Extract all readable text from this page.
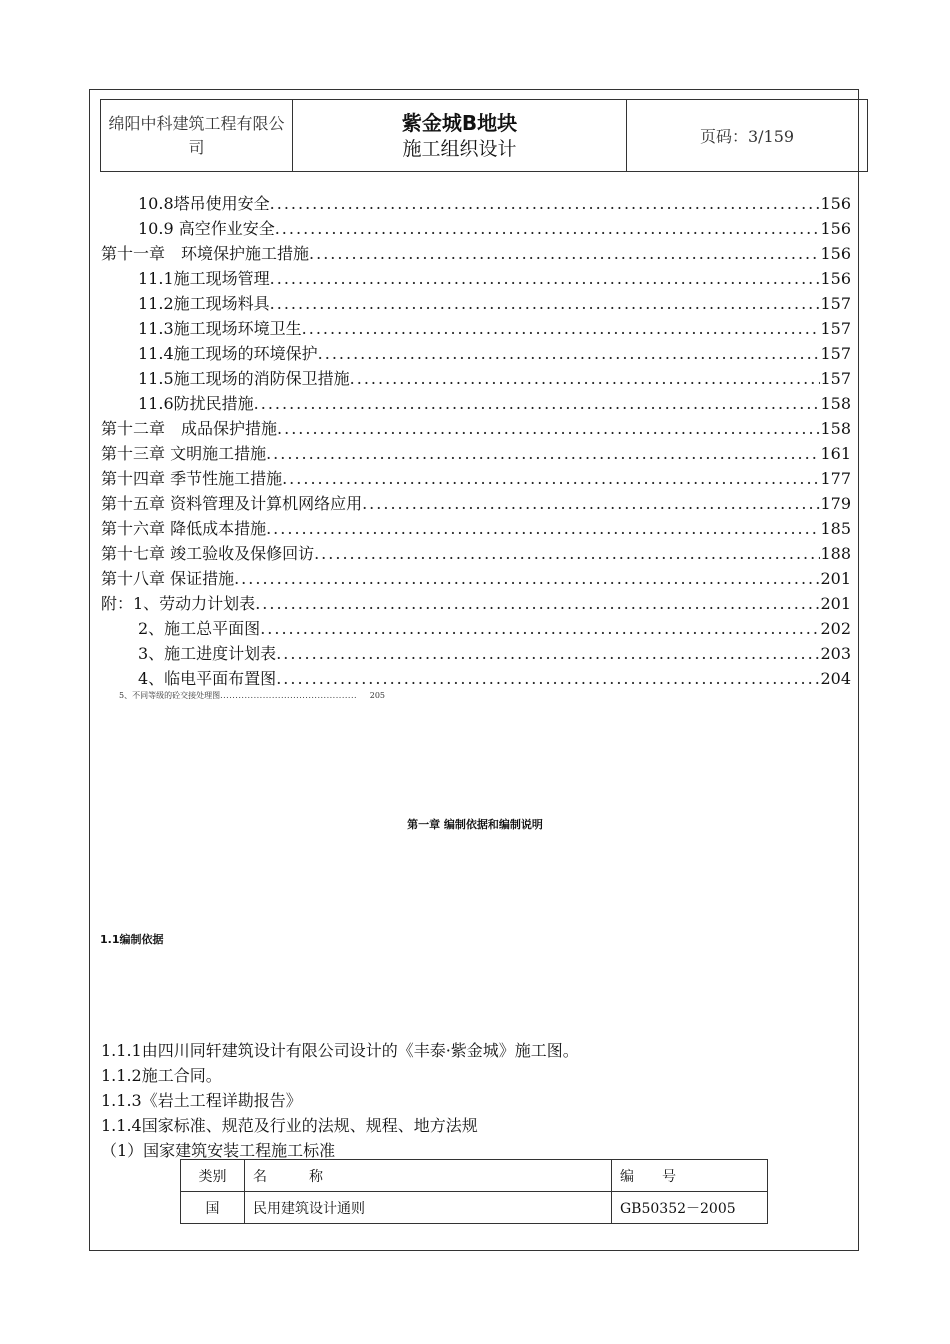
绵阳中科建筑工程有限公司	
紫金城B地块
施工组织设计
	页码：3/159
10.8塔吊使用安全 .....	156
10.9 高空作业安全 .....	156
第十一章　环境保护施工措施 .....	156
11.1施工现场管理 .....	156
11.2施工现场料具 .....	157
11.3施工现场环境卫生 .....	157
11.4施工现场的环境保护 .....	157
11.5施工现场的消防保卫措施 .....	157
11.6防扰民措施 .....	158
第十二章　成品保护措施 .....	158
第十三章 文明施工措施 .....	161
第十四章 季节性施工措施 .....	177
第十五章 资料管理及计算机网络应用 .....	179
第十六章 降低成本措施 .....	185
第十七章 竣工验收及保修回访 .....	188
第十八章 保证措施 .....	201
附：1、劳动力计划表 .....	201
2、施工总平面图 .....	202
3、施工进度计划表 .....	203
4、临电平面布置图 .....	204
5、不同等级的砼交接处理图............................................. 205
第一章 编制依据和编制说明
1.1编制依据
1.1.1由四川同轩建筑设计有限公司设计的《丰泰·紫金城》施工图。
1.1.2施工合同。
1.1.3《岩土工程详勘报告》
1.1.4国家标准、规范及行业的法规、规程、地方法规
（1）国家建筑安装工程施工标准
类别	名　　　称	编　　号
国	民用建筑设计通则	GB50352－2005
